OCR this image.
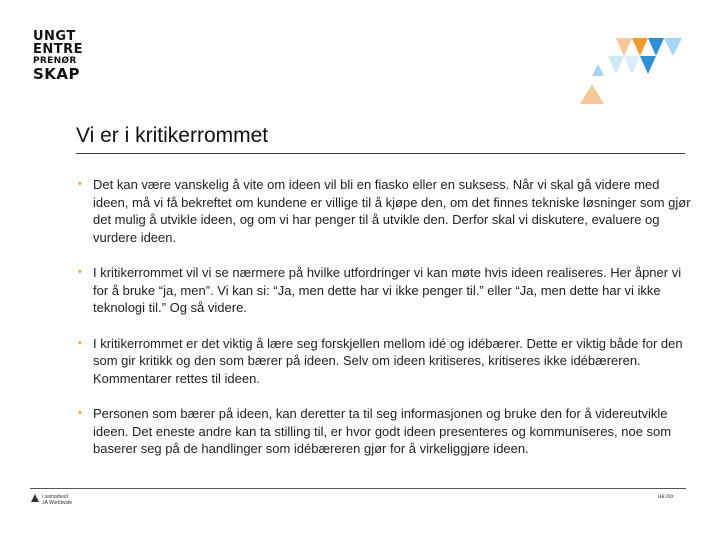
UNGT
ENTRE
PRENØR
SKAP
Vi er i kritikerrommet
• Det kan være vanskelig å vite om ideen vil bli en fiasko eller en suksess. Når vi skal gå videre med ideen, må vi få bekreftet om kundene er villige til å kjøpe den, om det finnes tekniske løsninger som gjør det mulig å utvikle ideen, og om vi har penger til å utvikle den. Derfor skal vi diskutere, evaluere og vurdere ideen.
• I kritikerrommet vil vi se nærmere på hvilke utfordringer vi kan møte hvis ideen realiseres. Her åpner vi for å bruke “ja, men”. Vi kan si: “Ja, men dette har vi ikke penger til.” eller “Ja, men dette har vi ikke teknologi til.” Og så videre.
• I kritikerrommet er det viktig å lære seg forskjellen mellom idé og idébærer. Dette er viktig både for den som gir kritikk og den som bærer på ideen. Selv om ideen kritiseres, kritiseres ikke idébæreren. Kommentarer rettes til ideen.
• Personen som bærer på ideen, kan deretter ta til seg informasjonen og bruke den for å videreutvikle ideen. Det eneste andre kan ta stilling til, er hvor godt ideen presenteres og kommuniseres, noe som baserer seg på de handlinger som idébæreren gjør for å virkeliggjøre ideen.
i samarbeid
JA Worldwide
ue.no
